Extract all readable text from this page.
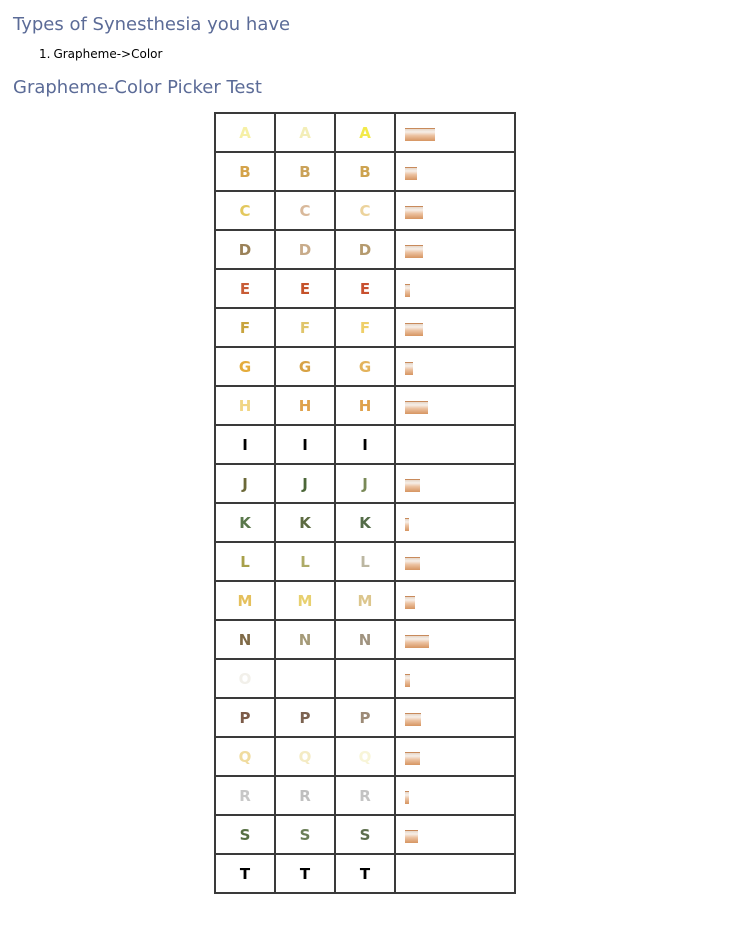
Types of Synesthesia you have
1. Grapheme->Color
Grapheme-Color Picker Test
A	A	A	
B	B	B	
C	C	C	
D	D	D	
E	E	E	
F	F	F	
G	G	G	
H	H	H	
I	I	I	
J	J	J	
K	K	K	
L	L	L	
M	M	M	
N	N	N	
O			
P	P	P	
Q	Q	Q	
R	R	R	
S	S	S	
T	T	T	
